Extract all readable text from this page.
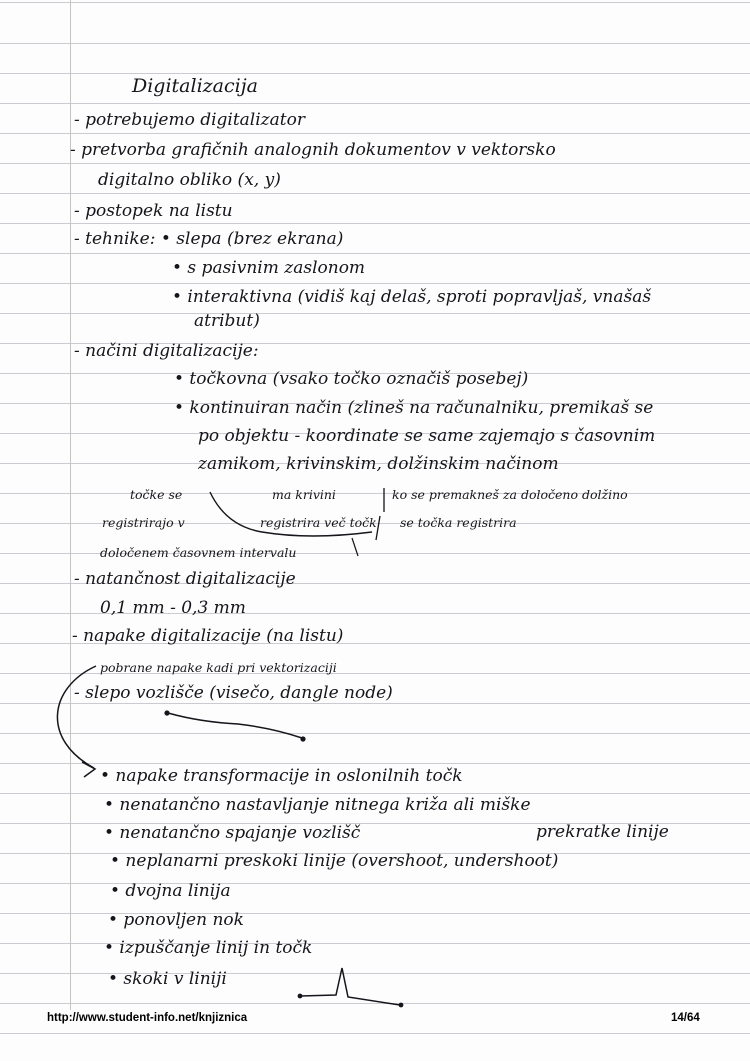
Digitalizacija
- potrebujemo digitalizator
- pretvorba grafičnih analognih dokumentov v vektorsko
digitalno obliko (x, y)
- postopek na listu
- tehnike: • slepa (brez ekrana)
• s pasivnim zaslonom
• interaktivna (vidiš kaj delaš, sproti popravljaš, vnašaš
atribut)
- načini digitalizacije:
• točkovna (vsako točko označiš posebej)
• kontinuiran način (zlineš na računalniku, premikaš se
po objektu - koordinate se same zajemajo s časovnim
zamikom, krivinskim, dolžinskim načinom
točke se	ma krivini	ko se premakneš za določeno dolžino
registrirajo v	registrira več točk se točka registrira
določenem časovnem intervalu
- natančnost digitalizacije
0,1 mm - 0,3 mm
- napake digitalizacije (na listu)
pobrane napake kadi pri vektorizaciji
- slepo vozlišče (visečo, dangle node)
• napake transformacije in oslonilnih točk
• nenatančno nastavljanje nitnega križa ali miške
• nenatančno spajanje vozlišč	prekratke linije
• neplanarni preskoki linije (overshoot, undershoot)
• dvojna linija
• ponovljen nok
• izpuščanje linij in točk
• skoki v liniji
http://www.student-info.net/knjiznica	14/64
